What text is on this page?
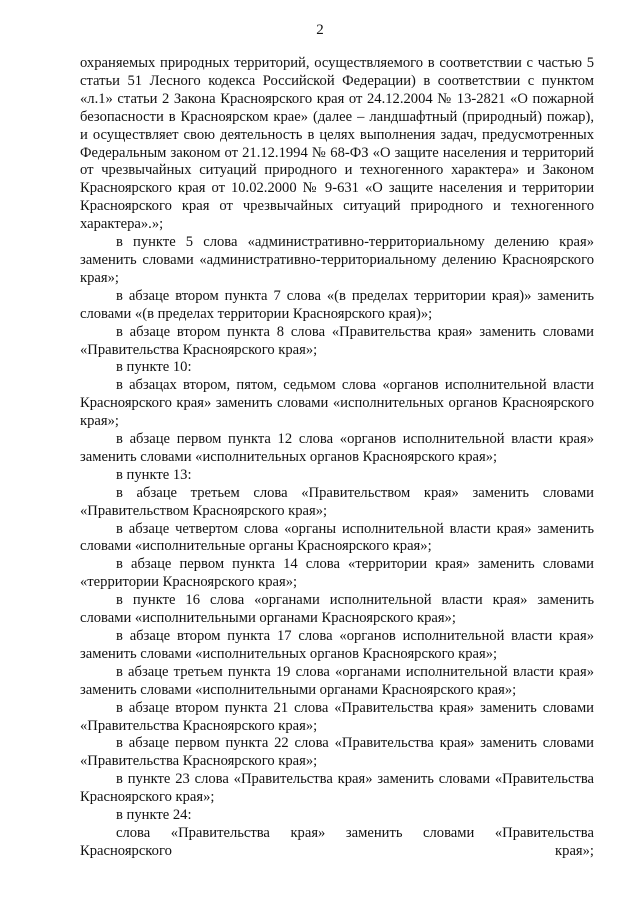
2

охраняемых природных территорий, осуществляемого в соответствии с частью 5 статьи 51 Лесного кодекса Российской Федерации) в соответствии с пунктом «л.1» статьи 2 Закона Красноярского края от 24.12.2004 № 13-2821 «О пожарной безопасности в Красноярском крае» (далее – ландшафтный (природный) пожар), и осуществляет свою деятельность в целях выполнения задач, предусмотренных Федеральным законом от 21.12.1994 № 68-ФЗ «О защите населения и территорий от чрезвычайных ситуаций природного и техногенного характера» и Законом Красноярского края от 10.02.2000 № 9-631 «О защите населения и территории Красноярского края от чрезвычайных ситуаций природного и техногенного характера».»;

в пункте 5 слова «административно-территориальному делению края» заменить словами «административно-территориальному делению Красноярского края»;

в абзаце втором пункта 7 слова «(в пределах территории края)» заменить словами «(в пределах территории Красноярского края)»;

в абзаце втором пункта 8 слова «Правительства края» заменить словами «Правительства Красноярского края»;

в пункте 10:

в абзацах втором, пятом, седьмом слова «органов исполнительной власти Красноярского края» заменить словами «исполнительных органов Красноярского края»;

в абзаце первом пункта 12 слова «органов исполнительной власти края» заменить словами «исполнительных органов Красноярского края»;

в пункте 13:

в абзаце третьем слова «Правительством края» заменить словами «Правительством Красноярского края»;

в абзаце четвертом слова «органы исполнительной власти края» заменить словами «исполнительные органы Красноярского края»;

в абзаце первом пункта 14 слова «территории края» заменить словами «территории Красноярского края»;

в пункте 16 слова «органами исполнительной власти края» заменить словами «исполнительными органами Красноярского края»;

в абзаце втором пункта 17 слова «органов исполнительной власти края» заменить словами «исполнительных органов Красноярского края»;

в абзаце третьем пункта 19 слова «органами исполнительной власти края» заменить словами «исполнительными органами Красноярского края»;

в абзаце втором пункта 21 слова «Правительства края» заменить словами «Правительства Красноярского края»;

в абзаце первом пункта 22 слова «Правительства края» заменить словами «Правительства Красноярского края»;

в пункте 23 слова «Правительства края» заменить словами «Правительства Красноярского края»;

в пункте 24:

слова «Правительства края» заменить словами «Правительства Красноярского края»;
